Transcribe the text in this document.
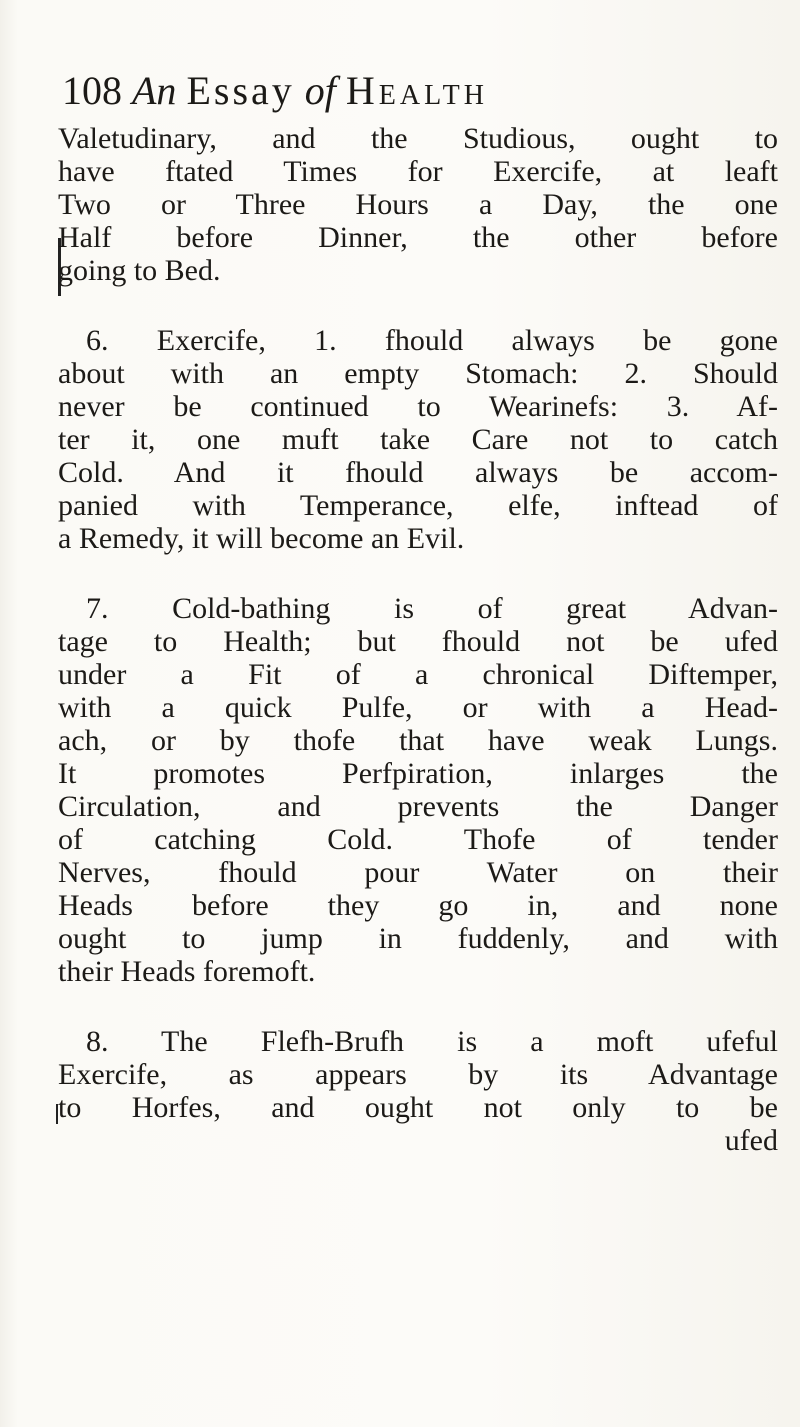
108 An Essay of Health
Valetudinary, and the Studious, ought to
have ftated Times for Exercife, at leaft
Two or Three Hours a Day, the one
Half before Dinner, the other before
going to Bed.
6. Exercife, 1. fhould always be gone
about with an empty Stomach: 2. Should
never be continued to Wearinefs: 3. Af-
ter it, one muft take Care not to catch
Cold. And it fhould always be accom-
panied with Temperance, elfe, inftead of
a Remedy, it will become an Evil.
7. Cold-bathing is of great Advan-
tage to Health; but fhould not be ufed
under a Fit of a chronical Diftemper,
with a quick Pulfe, or with a Head-
ach, or by thofe that have weak Lungs.
It promotes Perfpiration, inlarges the
Circulation, and prevents the Danger
of catching Cold. Thofe of tender
Nerves, fhould pour Water on their
Heads before they go in, and none
ought to jump in fuddenly, and with
their Heads foremoft.
8. The Flefh-Brufh is a moft ufeful
Exercife, as appears by its Advantage
to Horfes, and ought not only to be
ufed
